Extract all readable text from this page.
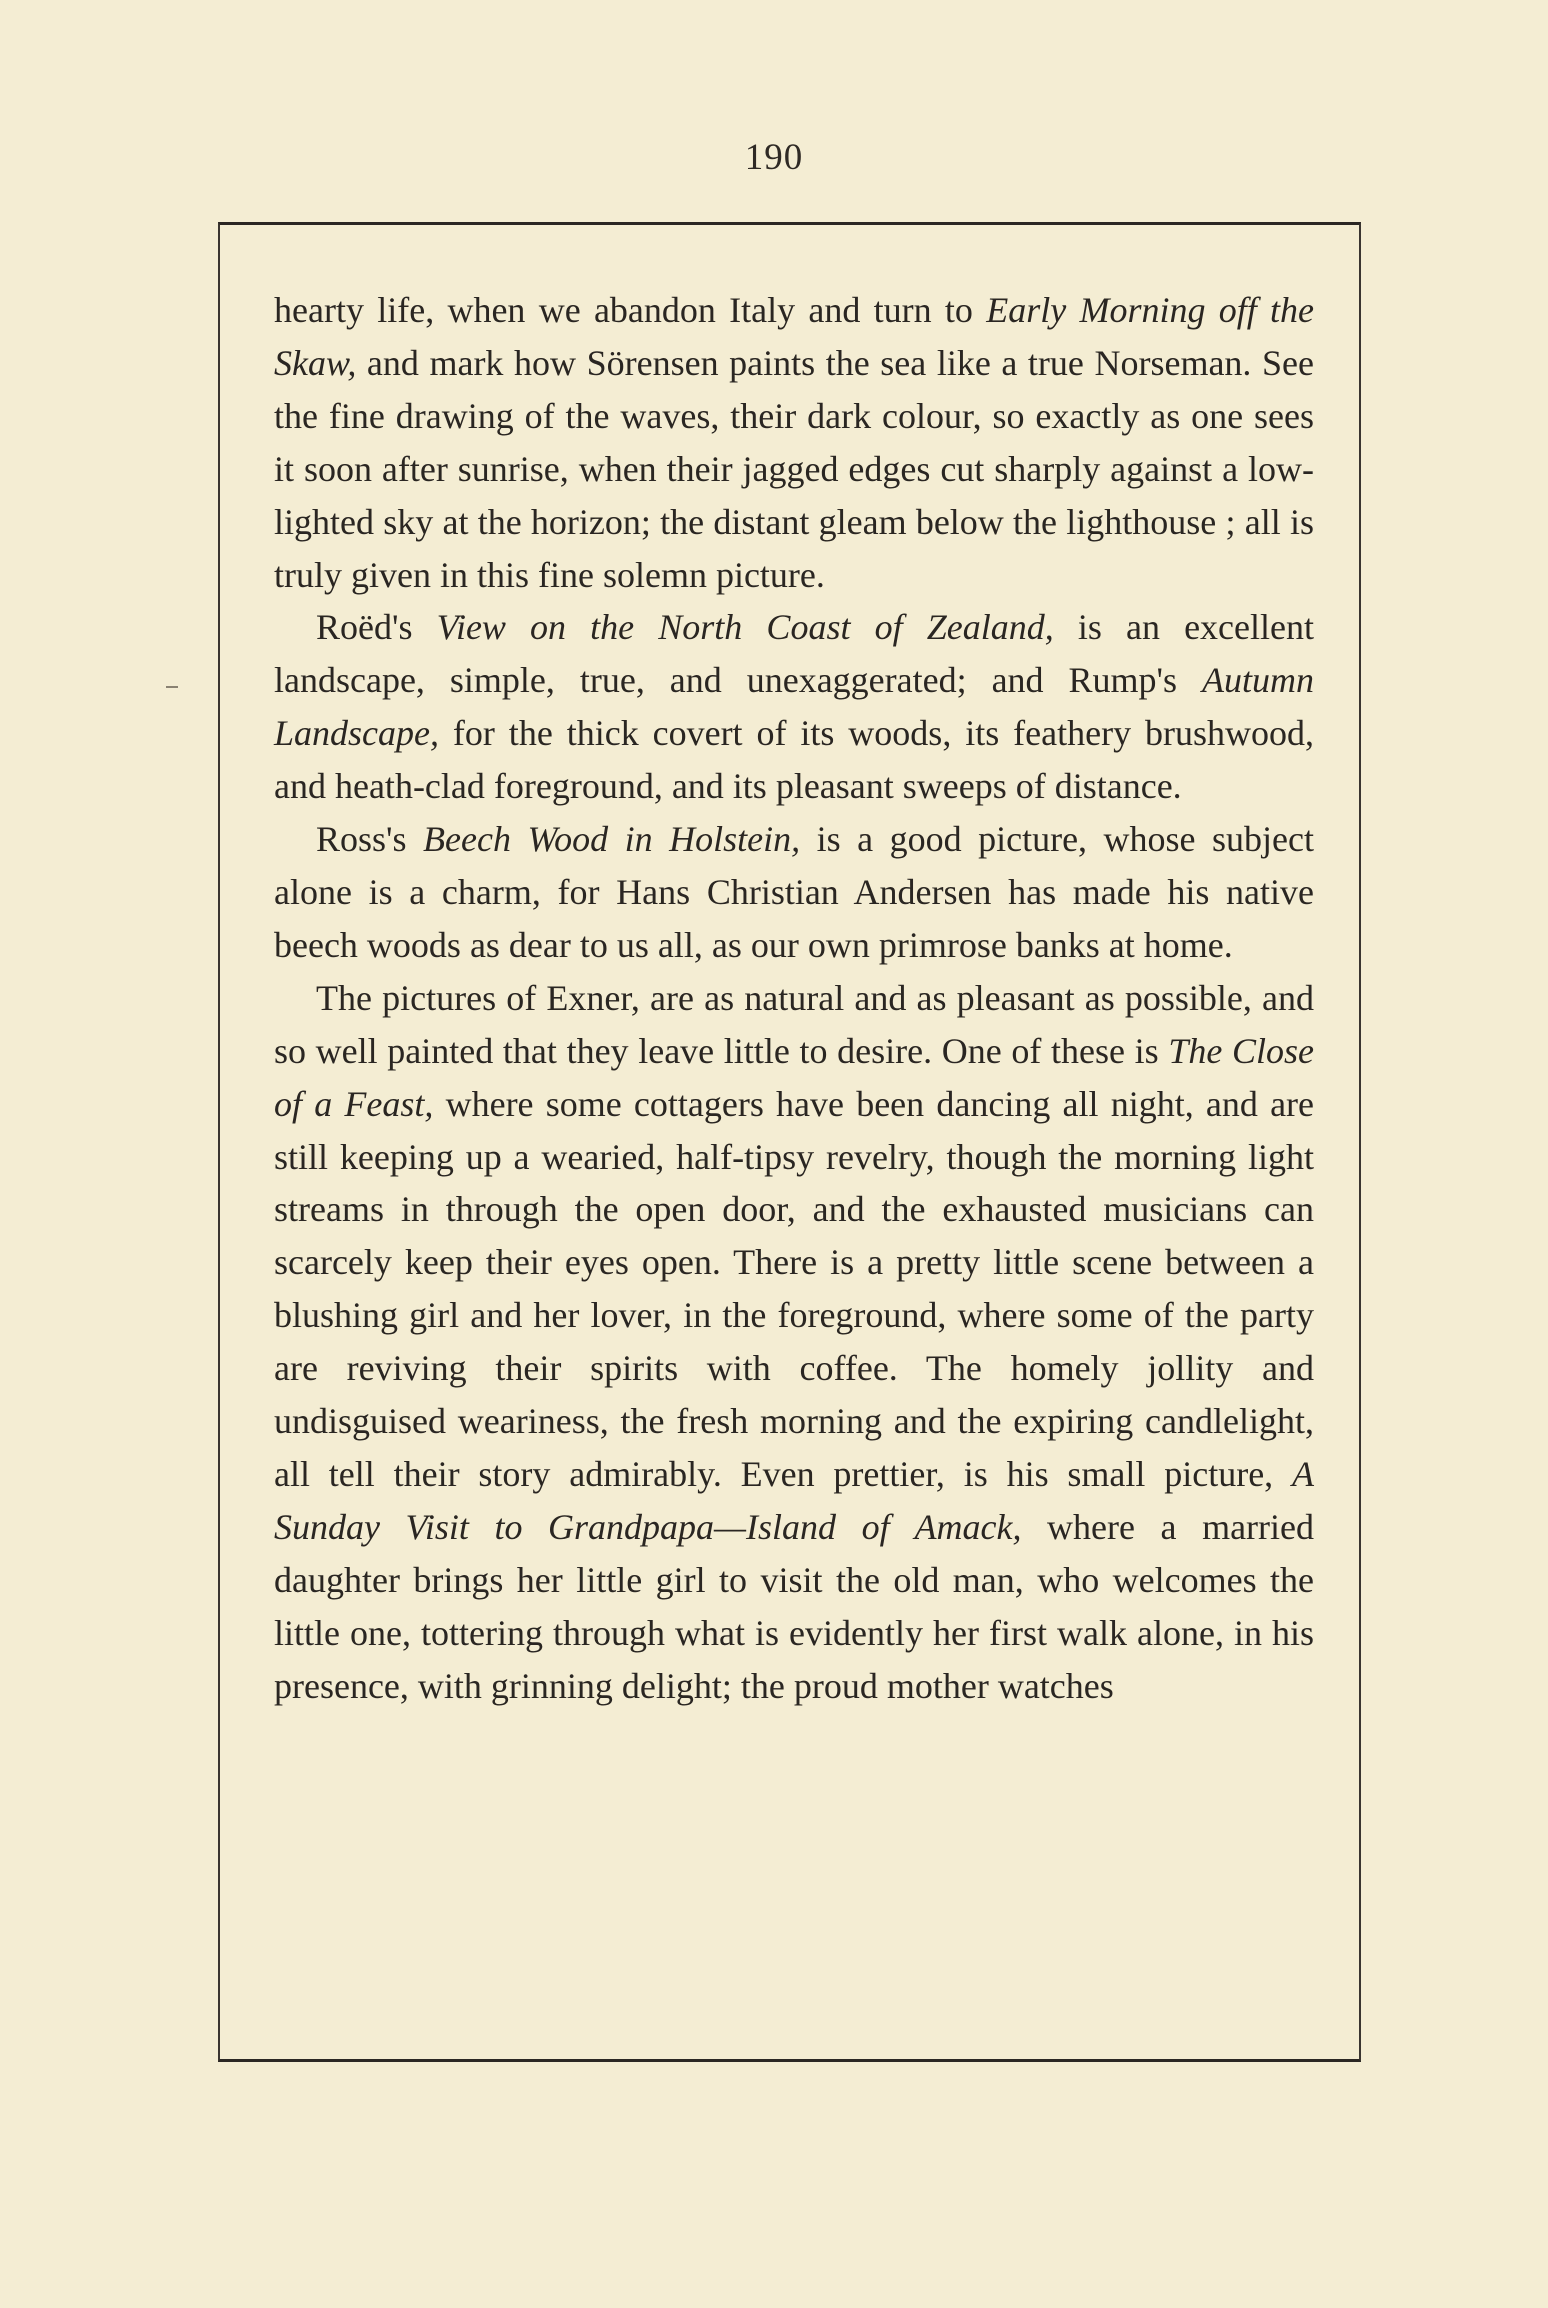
190

hearty life, when we abandon Italy and turn to Early Morning off the Skaw, and mark how Sörensen paints the sea like a true Norseman. See the fine drawing of the waves, their dark colour, so exactly as one sees it soon after sunrise, when their jagged edges cut sharply against a low-lighted sky at the horizon; the distant gleam below the lighthouse ; all is truly given in this fine solemn picture.

Roëd's View on the North Coast of Zealand, is an excellent landscape, simple, true, and unexaggerated; and Rump's Autumn Landscape, for the thick covert of its woods, its feathery brushwood, and heath-clad foreground, and its pleasant sweeps of distance.

Ross's Beech Wood in Holstein, is a good picture, whose subject alone is a charm, for Hans Christian Andersen has made his native beech woods as dear to us all, as our own primrose banks at home.

The pictures of Exner, are as natural and as pleasant as possible, and so well painted that they leave little to desire. One of these is The Close of a Feast, where some cottagers have been dancing all night, and are still keeping up a wearied, half-tipsy revelry, though the morning light streams in through the open door, and the exhausted musicians can scarcely keep their eyes open. There is a pretty little scene between a blushing girl and her lover, in the foreground, where some of the party are reviving their spirits with coffee. The homely jollity and undisguised weariness, the fresh morning and the expiring candlelight, all tell their story admirably. Even prettier, is his small picture, A Sunday Visit to Grandpapa—Island of Amack, where a married daughter brings her little girl to visit the old man, who welcomes the little one, tottering through what is evidently her first walk alone, in his presence, with grinning delight; the proud mother watches
